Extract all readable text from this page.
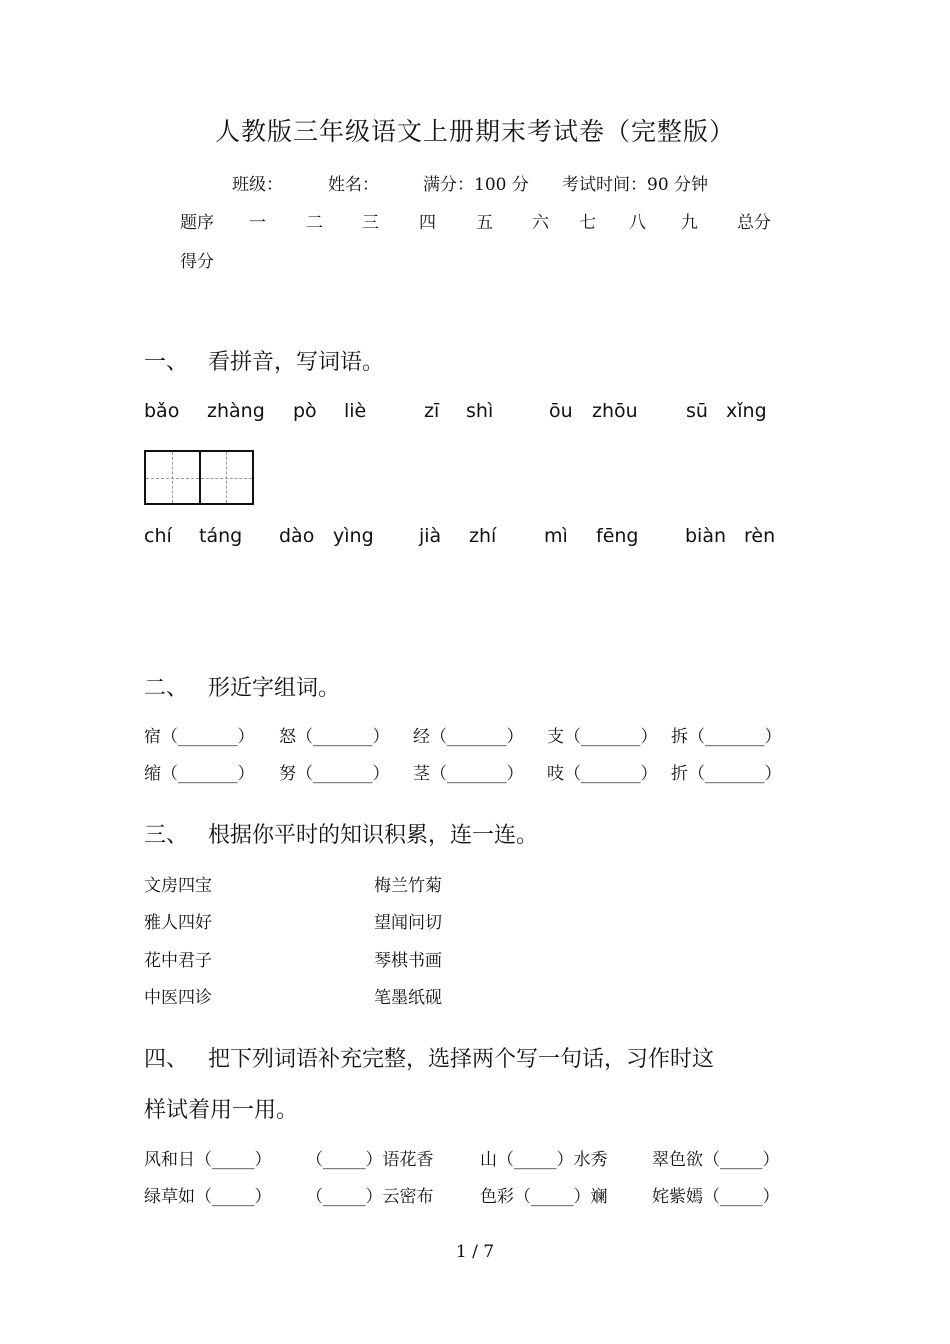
人教版三年级语文上册期末考试卷（完整版）
班级：	姓名：	满分：100 分 考试时间：90 分钟
题序 一 二 三 四 五 六 七 八 九 总分
得分
一、 看拼音，写词语。
bǎo zhàng pò liè	zī shì	ōu zhōu	sū xǐng
chí táng dào yìng jià zhí	mì fēng biàn rèn
二、 形近字组词。
宿（_______） 怒（_______） 经（_______） 支（_______） 拆（_______）
缩（_______） 努（_______） 茎（_______） 吱（_______） 折（_______）
三、 根据你平时的知识积累，连一连。
文房四宝
雅人四好
花中君子
中医四诊
梅兰竹菊
望闻问切
琴棋书画
笔墨纸砚
四、 把下列词语补充完整，选择两个写一句话，习作时这
样试着用一用。
风和日（_____） （_____）语花香	山（_____）水秀	翠色欲（_____）
绿草如（_____） （_____）云密布	色彩（_____）斓	姹紫嫣（_____）
1 / 7
